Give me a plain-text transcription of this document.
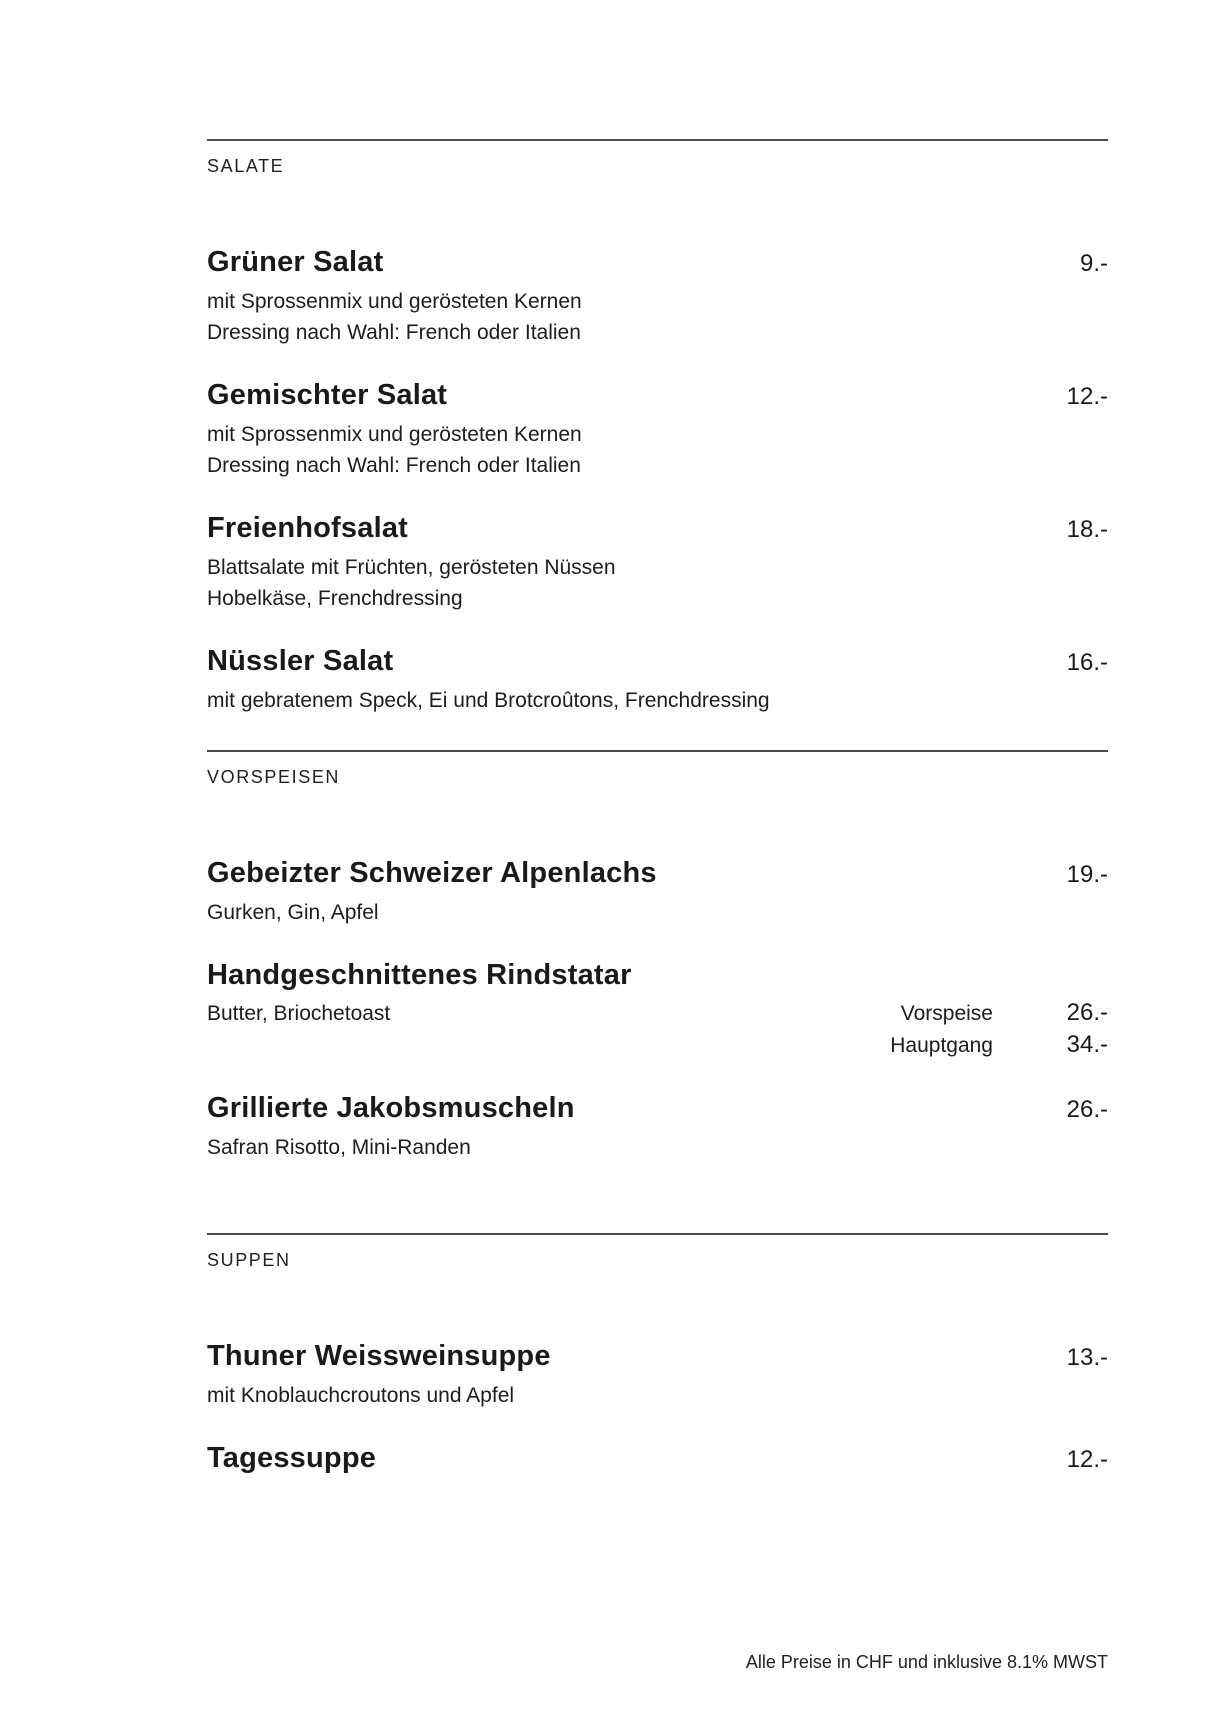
SALATE
Grüner Salat	9.-
mit Sprossenmix und gerösteten Kernen
Dressing nach Wahl: French oder Italien
Gemischter Salat	12.-
mit Sprossenmix und gerösteten Kernen
Dressing nach Wahl: French oder Italien
Freienhofsalat	18.-
Blattsalate mit Früchten, gerösteten Nüssen
Hobelkäse, Frenchdressing
Nüssler Salat	16.-
mit gebratenem Speck, Ei und Brotcroûtons, Frenchdressing
VORSPEISEN
Gebeizter Schweizer Alpenlachs	19.-
Gurken, Gin, Apfel
Handgeschnittenes Rindstatar
Butter, Briochetoast	Vorspeise	26.-
Hauptgang	34.-
Grillierte Jakobsmuscheln	26.-
Safran Risotto, Mini-Randen
SUPPEN
Thuner Weissweinsuppe	13.-
mit Knoblauchcroutons und Apfel
Tagessuppe	12.-
Alle Preise in CHF und inklusive 8.1% MWST
